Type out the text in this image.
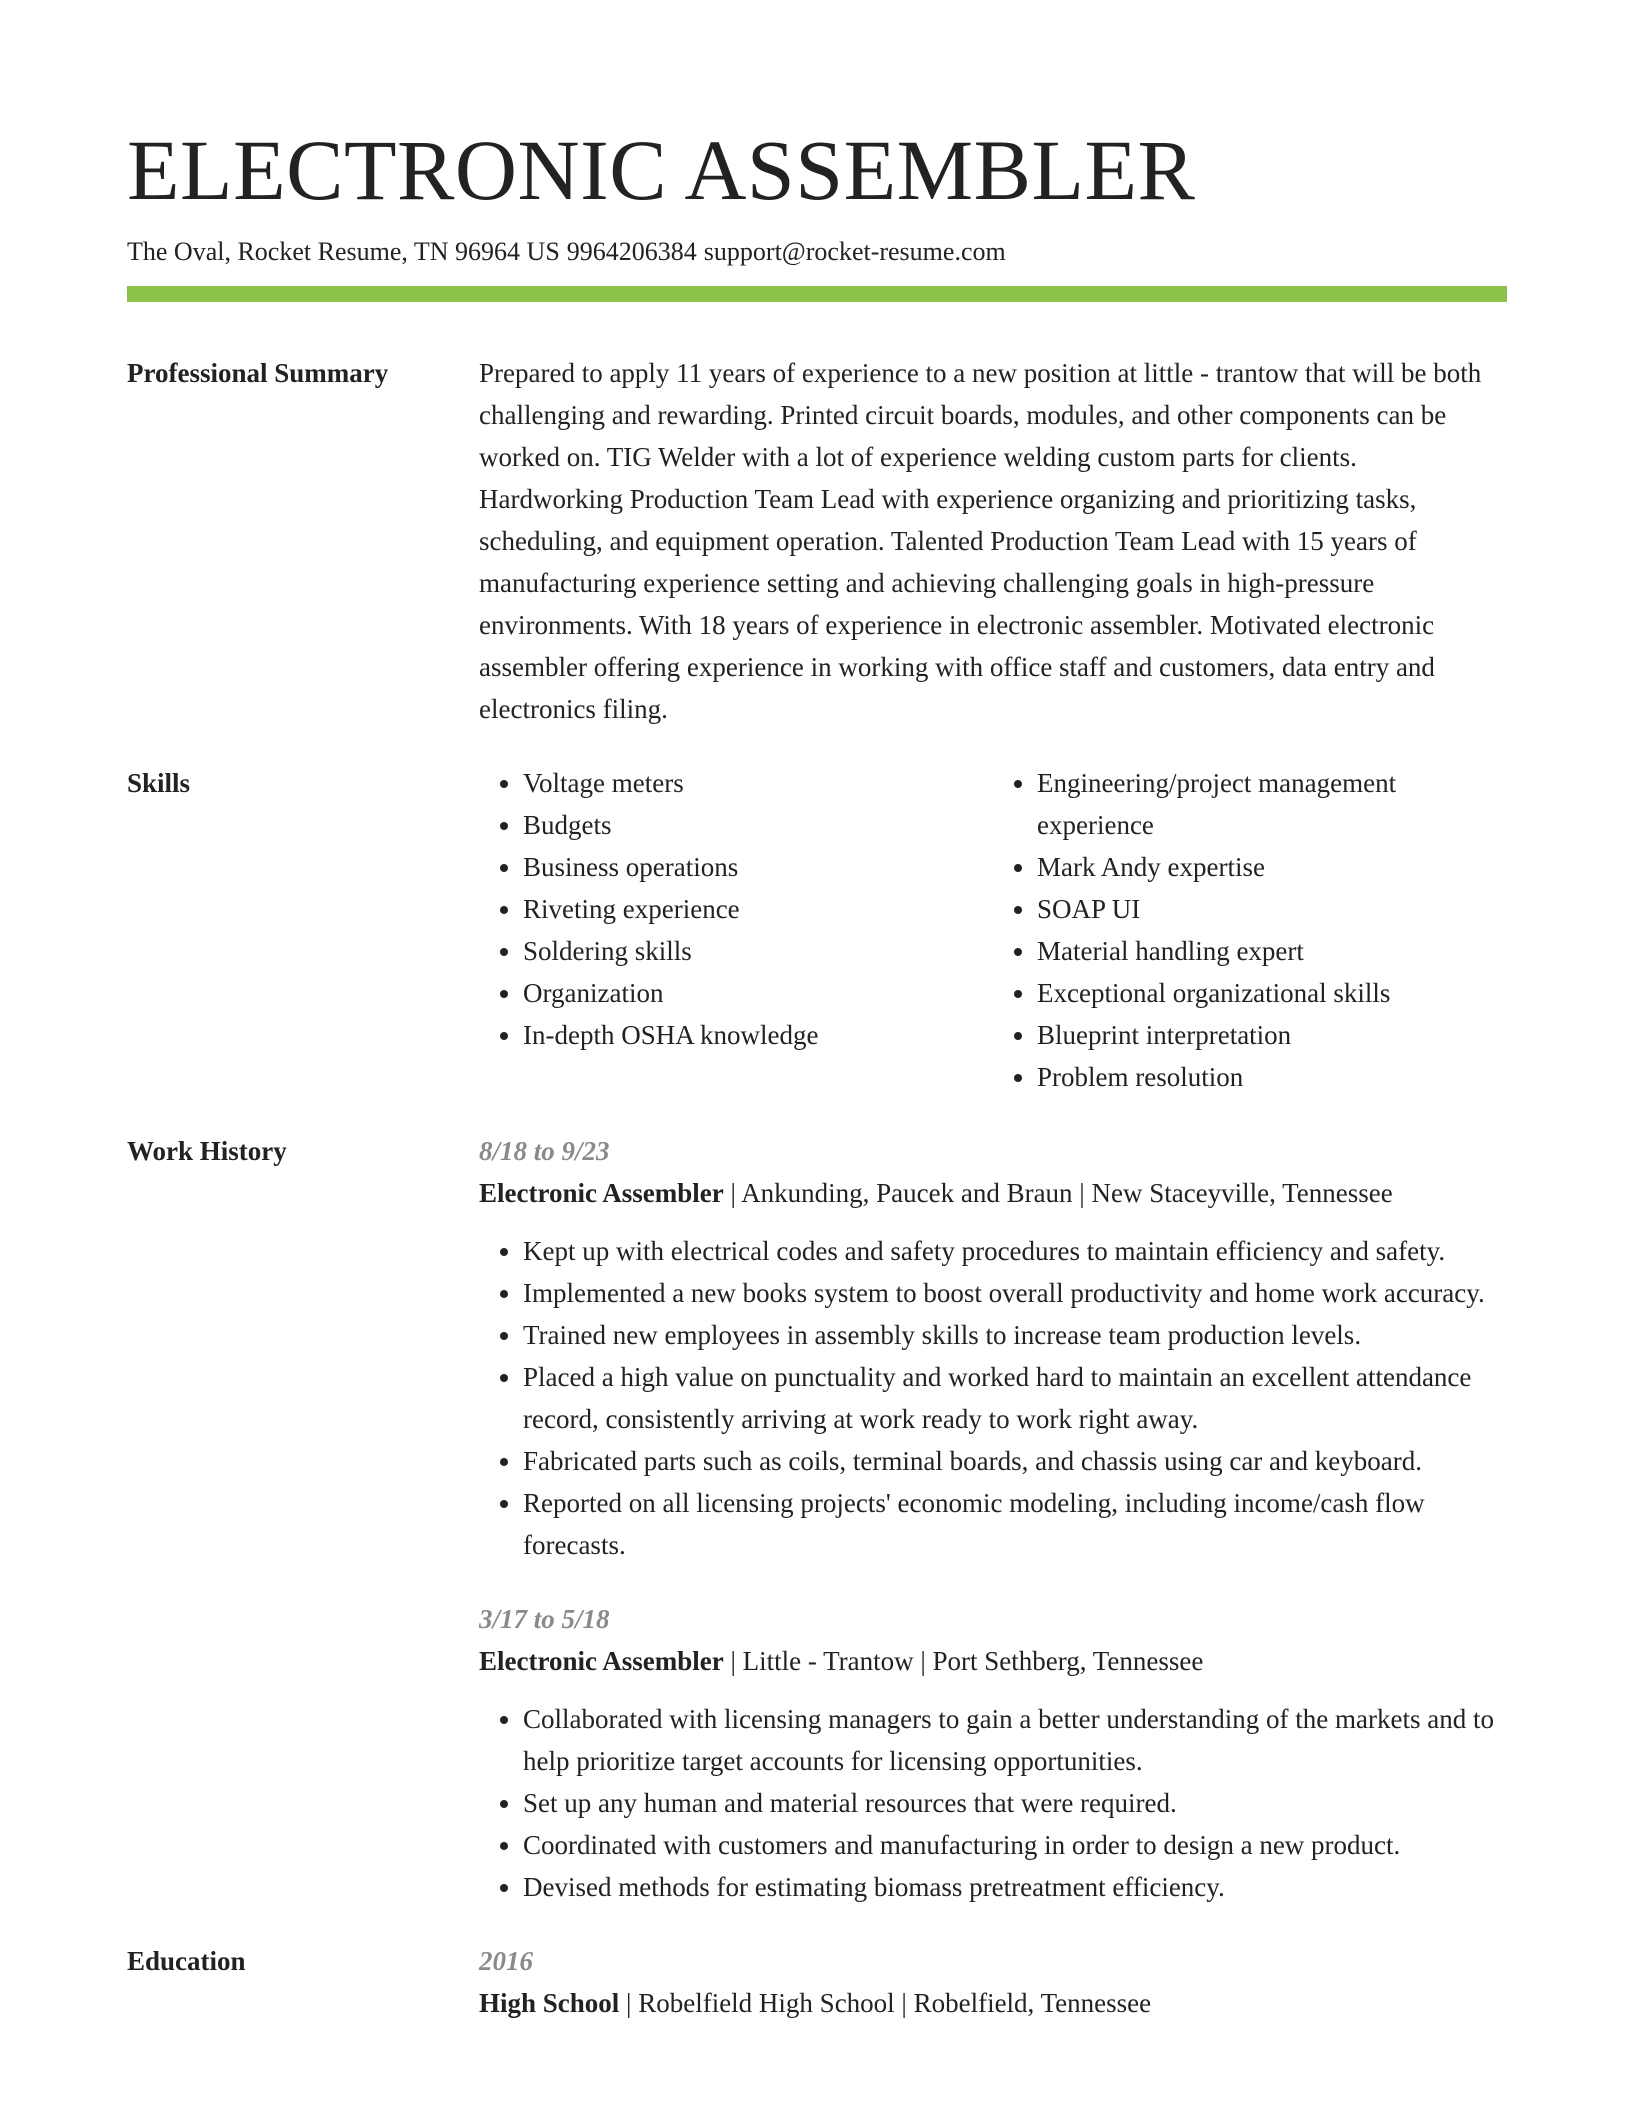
ELECTRONIC ASSEMBLER
The Oval, Rocket Resume, TN 96964 US 9964206384 support@rocket-resume.com
Professional Summary	Prepared to apply 11 years of experience to a new position at little - trantow that will be both challenging and rewarding. Printed circuit boards, modules, and other components can be worked on. TIG Welder with a lot of experience welding custom parts for clients. Hardworking Production Team Lead with experience organizing and prioritizing tasks, scheduling, and equipment operation. Talented Production Team Lead with 15 years of manufacturing experience setting and achieving challenging goals in high-pressure environments. With 18 years of experience in electronic assembler. Motivated electronic assembler offering experience in working with office staff and customers, data entry and electronics filing.
Skills
•	Voltage meters
• Budgets
• Business operations
• Riveting experience
• Soldering skills
• Organization
• In-depth OSHA knowledge
• Engineering/project management experience
• Mark Andy expertise
• SOAP UI
• Material handling expert
• Exceptional organizational skills
• Blueprint interpretation
• Problem resolution
Work History	8/18 to 9/23
Electronic Assembler | Ankunding, Paucek and Braun | New Staceyville, Tennessee
• Kept up with electrical codes and safety procedures to maintain efficiency and safety.
• Implemented a new books system to boost overall productivity and home work accuracy.
• Trained new employees in assembly skills to increase team production levels.
• Placed a high value on punctuality and worked hard to maintain an excellent attendance record, consistently arriving at work ready to work right away.
• Fabricated parts such as coils, terminal boards, and chassis using car and keyboard.
• Reported on all licensing projects' economic modeling, including income/cash flow forecasts.
3/17 to 5/18
Electronic Assembler | Little - Trantow | Port Sethberg, Tennessee
• Collaborated with licensing managers to gain a better understanding of the markets and to help prioritize target accounts for licensing opportunities.
• Set up any human and material resources that were required.
• Coordinated with customers and manufacturing in order to design a new product.
• Devised methods for estimating biomass pretreatment efficiency.
Education	2016
High School | Robelfield High School | Robelfield, Tennessee
